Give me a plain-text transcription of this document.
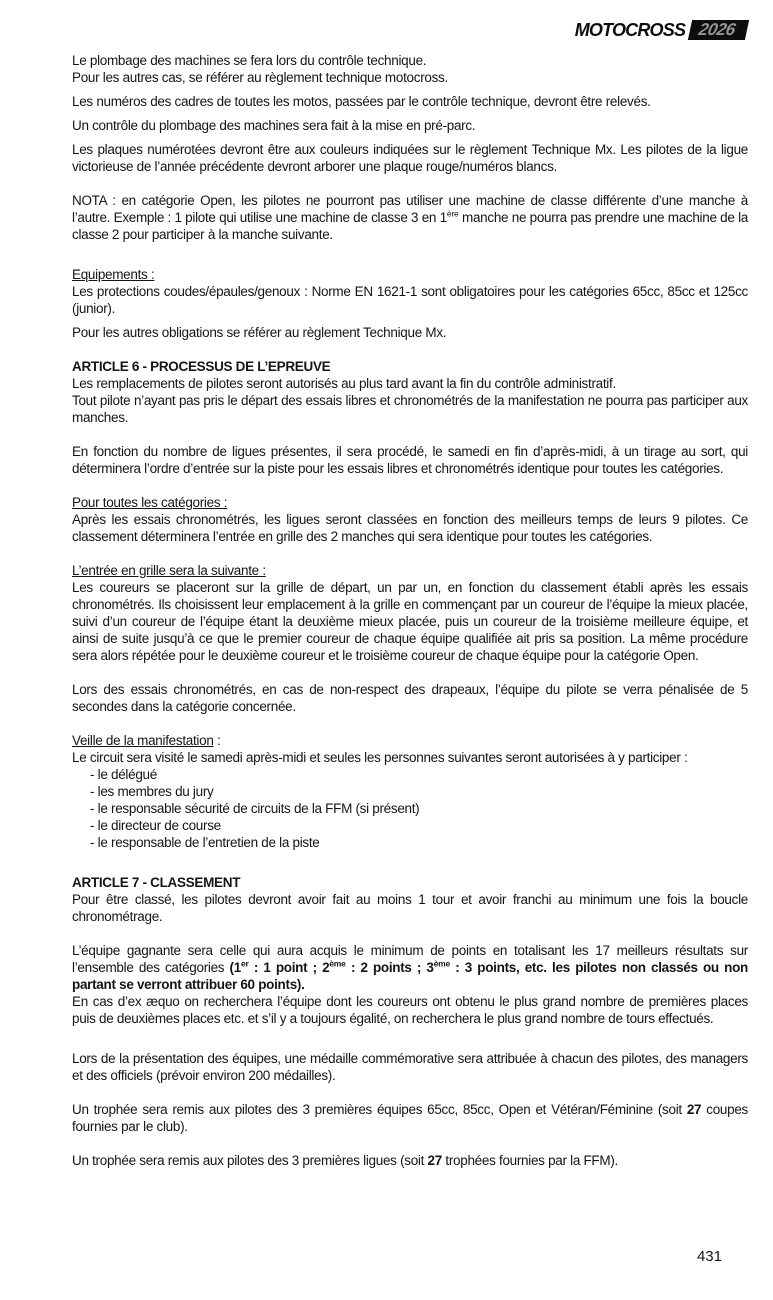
MOTOCROSS 2026
Le plombage des machines se fera lors du contrôle technique.
Pour les autres cas, se référer au règlement technique motocross.
Les numéros des cadres de toutes les motos, passées par le contrôle technique, devront être relevés.
Un contrôle du plombage des machines sera fait à la mise en pré-parc.
Les plaques numérotées devront être aux couleurs indiquées sur le règlement Technique Mx. Les pilotes de la ligue victorieuse de l’année précédente devront arborer une plaque rouge/numéros blancs.
NOTA : en catégorie Open, les pilotes ne pourront pas utiliser une machine de classe différente d’une manche à l’autre. Exemple : 1 pilote qui utilise une machine de classe 3 en 1ère manche ne pourra pas prendre une machine de la classe 2 pour participer à la manche suivante.
Equipements :
Les protections coudes/épaules/genoux : Norme EN 1621-1 sont obligatoires pour les catégories 65cc, 85cc et 125cc (junior).
Pour les autres obligations se référer au règlement Technique Mx.
ARTICLE 6 - PROCESSUS DE L’EPREUVE
Les remplacements de pilotes seront autorisés au plus tard avant la fin du contrôle administratif.
Tout pilote n’ayant pas pris le départ des essais libres et chronométrés de la manifestation ne pourra pas participer aux manches.
En fonction du nombre de ligues présentes, il sera procédé, le samedi en fin d’après-midi, à un tirage au sort, qui déterminera l’ordre d’entrée sur la piste pour les essais libres et chronométrés identique pour toutes les catégories.
Pour toutes les catégories :
Après les essais chronométrés, les ligues seront classées en fonction des meilleurs temps de leurs 9 pilotes. Ce classement déterminera l’entrée en grille des 2 manches qui sera identique pour toutes les catégories.
L’entrée en grille sera la suivante :
Les coureurs se placeront sur la grille de départ, un par un, en fonction du classement établi après les essais chronométrés. Ils choisissent leur emplacement à la grille en commençant par un coureur de l’équipe la mieux placée, suivi d’un coureur de l’équipe étant la deuxième mieux placée, puis un coureur de la troisième meilleure équipe, et ainsi de suite jusqu’à ce que le premier coureur de chaque équipe qualifiée ait pris sa position. La même procédure sera alors répétée pour le deuxième coureur et le troisième coureur de chaque équipe pour la catégorie Open.
Lors des essais chronométrés, en cas de non-respect des drapeaux, l’équipe du pilote se verra pénalisée de 5 secondes dans la catégorie concernée.
Veille de la manifestation :
Le circuit sera visité le samedi après-midi et seules les personnes suivantes seront autorisées à y participer :
- le délégué
- les membres du jury
- le responsable sécurité de circuits de la FFM (si présent)
- le directeur de course
- le responsable de l’entretien de la piste
ARTICLE 7 - CLASSEMENT
Pour être classé, les pilotes devront avoir fait au moins 1 tour et avoir franchi au minimum une fois la boucle chronométrage.
L’équipe gagnante sera celle qui aura acquis le minimum de points en totalisant les 17 meilleurs résultats sur l’ensemble des catégories (1er : 1 point ; 2ème : 2 points ; 3ème : 3 points, etc. les pilotes non classés ou non partant se verront attribuer 60 points).
En cas d’ex æquo on recherchera l’équipe dont les coureurs ont obtenu le plus grand nombre de premières places puis de deuxièmes places etc. et s’il y a toujours égalité, on recherchera le plus grand nombre de tours effectués.
Lors de la présentation des équipes, une médaille commémorative sera attribuée à chacun des pilotes, des managers et des officiels (prévoir environ 200 médailles).
Un trophée sera remis aux pilotes des 3 premières équipes 65cc, 85cc, Open et Vétéran/Féminine (soit 27 coupes fournies par le club).
Un trophée sera remis aux pilotes des 3 premières ligues (soit 27 trophées fournies par la FFM).
431
